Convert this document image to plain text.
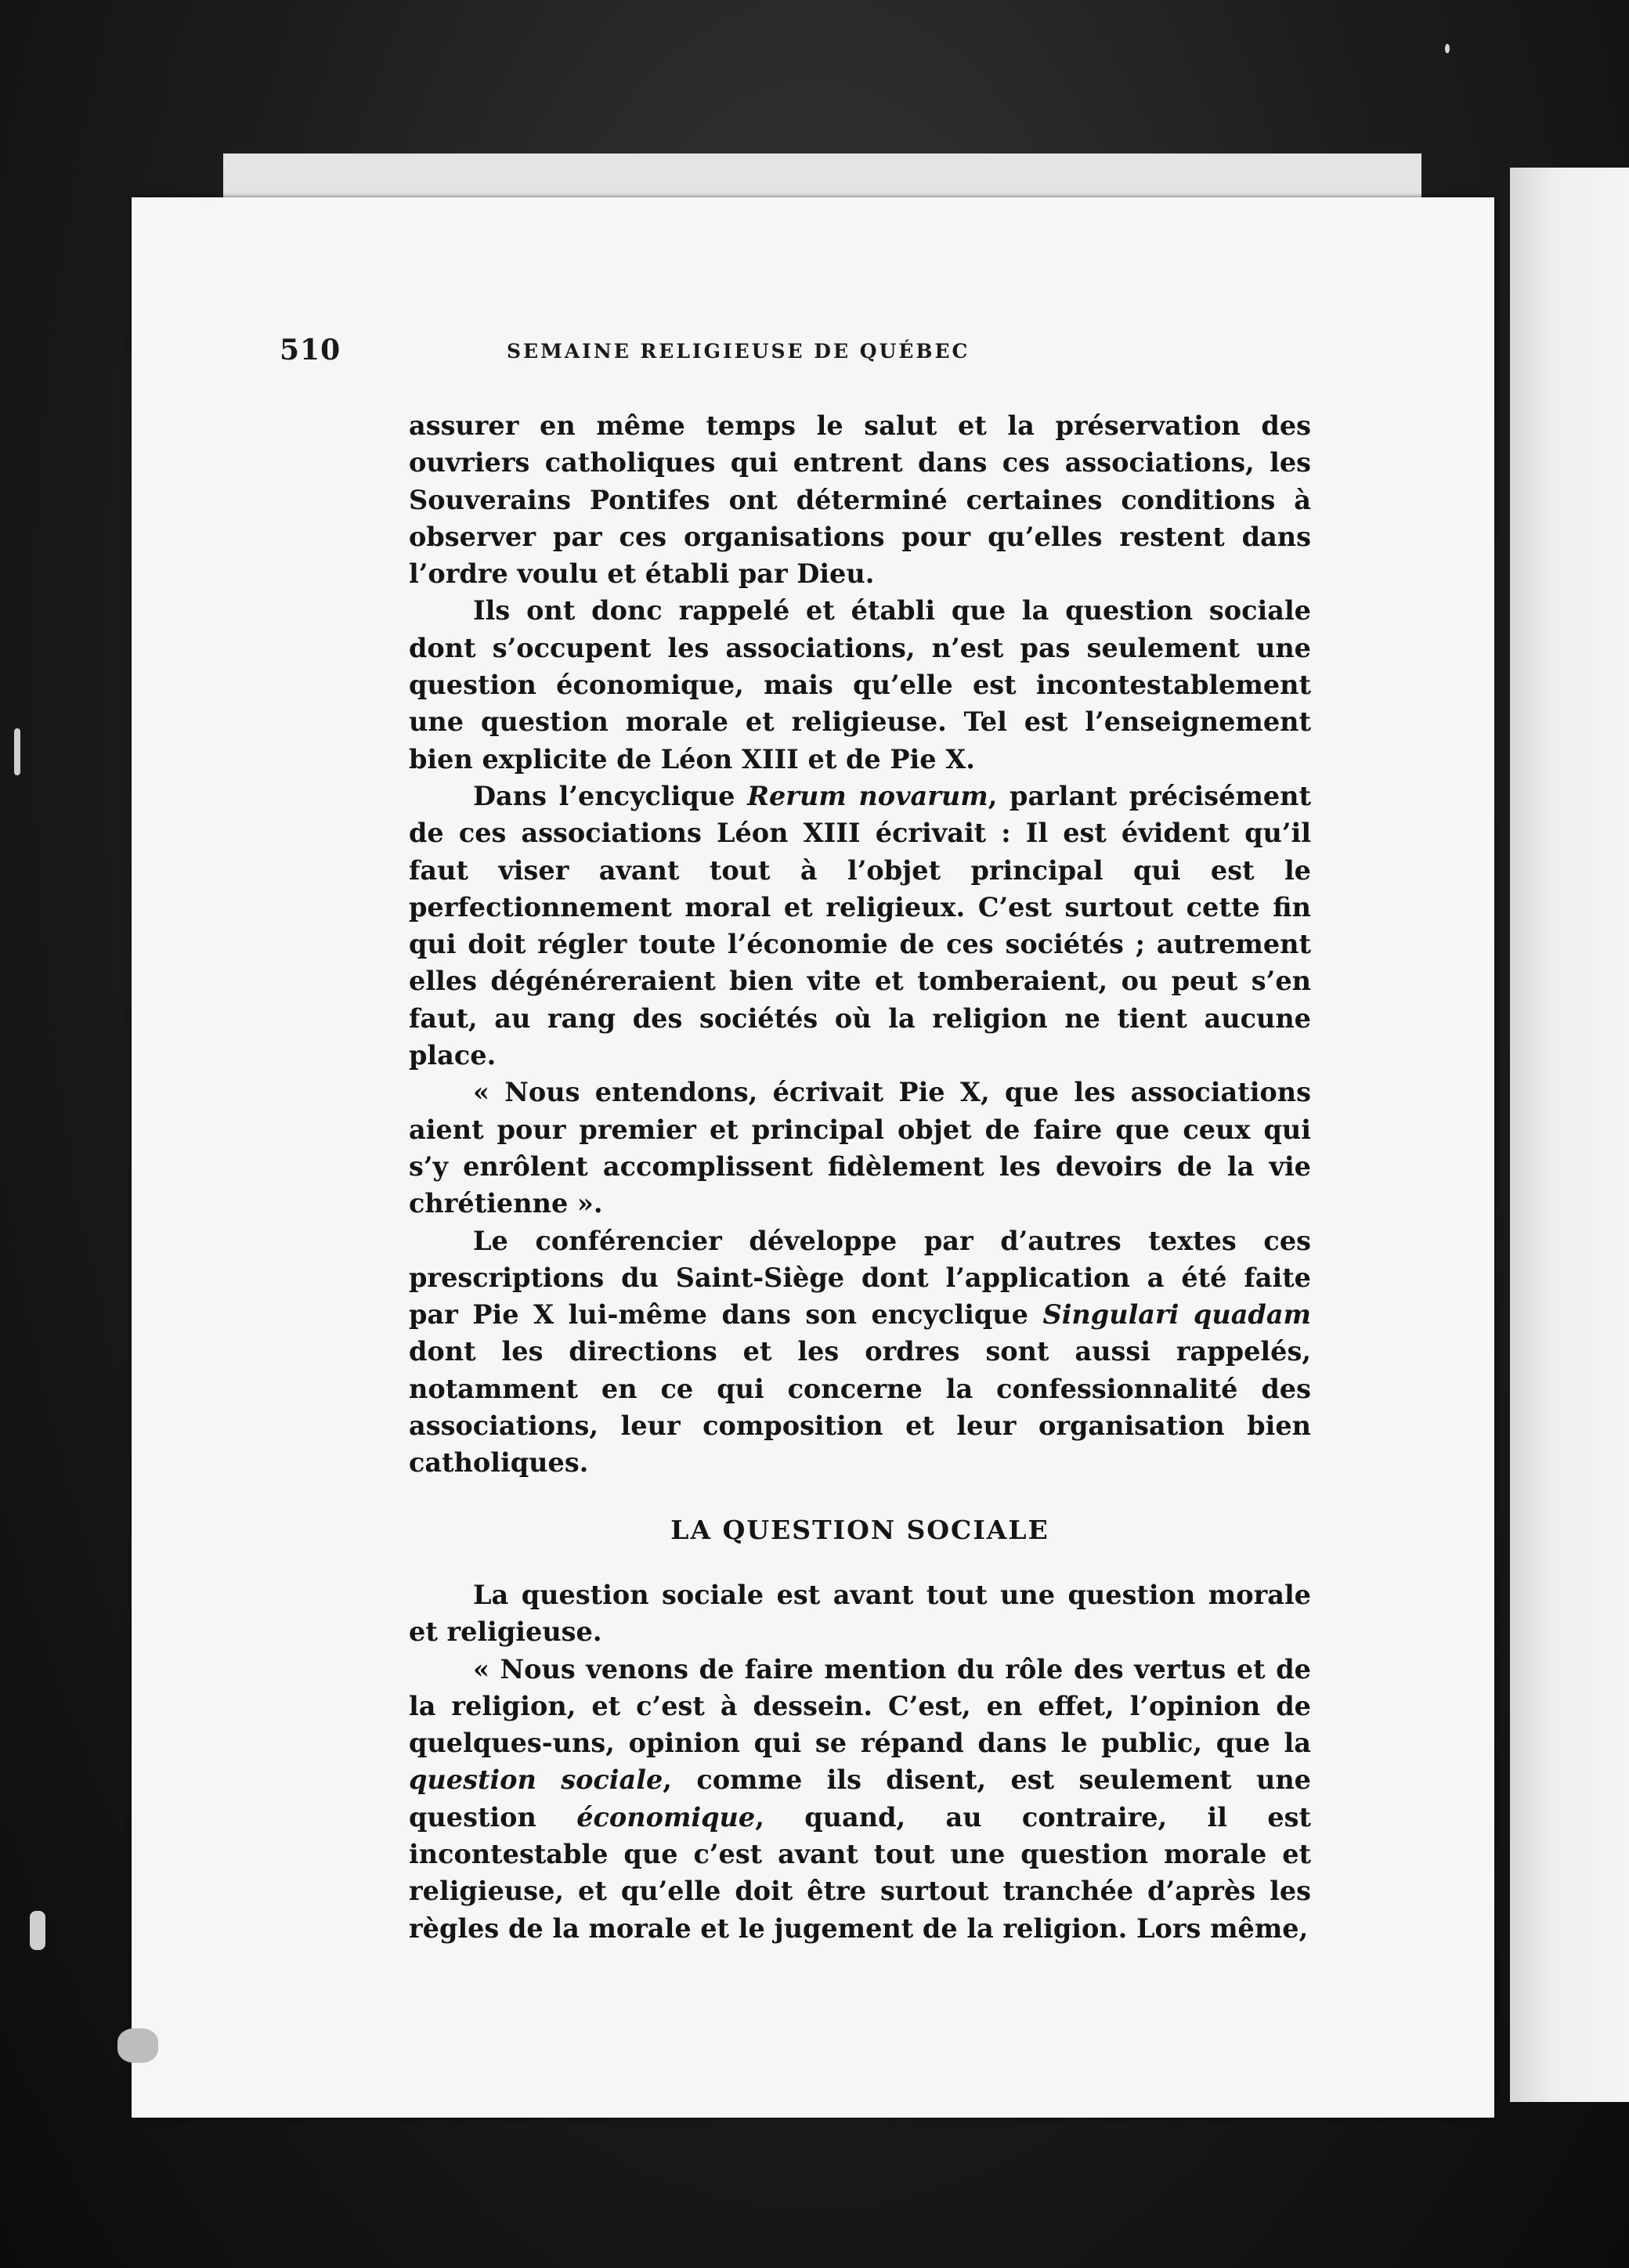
510	SEMAINE RELIGIEUSE DE QUÉBEC

assurer en même temps le salut et la préservation des ouvriers catholiques qui entrent dans ces associations, les Souverains Pontifes ont déterminé certaines conditions à observer par ces organisations pour qu’elles restent dans l’ordre voulu et établi par Dieu.

Ils ont donc rappelé et établi que la question sociale dont s’occupent les associations, n’est pas seulement une question économique, mais qu’elle est incontestablement une question morale et religieuse. Tel est l’enseignement bien explicite de Léon XIII et de Pie X.

Dans l’encyclique Rerum novarum, parlant précisément de ces associations Léon XIII écrivait : Il est évident qu’il faut viser avant tout à l’objet principal qui est le perfectionnement moral et religieux. C’est surtout cette fin qui doit régler toute l’économie de ces sociétés ; autrement elles dégénéreraient bien vite et tomberaient, ou peut s’en faut, au rang des sociétés où la religion ne tient aucune place.

« Nous entendons, écrivait Pie X, que les associations aient pour premier et principal objet de faire que ceux qui s’y enrôlent accomplissent fidèlement les devoirs de la vie chrétienne ».

Le conférencier développe par d’autres textes ces prescriptions du Saint-Siège dont l’application a été faite par Pie X lui-même dans son encyclique Singulari quadam dont les directions et les ordres sont aussi rappelés, notamment en ce qui concerne la confessionnalité des associations, leur composition et leur organisation bien catholiques.

LA QUESTION SOCIALE

La question sociale est avant tout une question morale et religieuse.

« Nous venons de faire mention du rôle des vertus et de la religion, et c’est à dessein. C’est, en effet, l’opinion de quelques-uns, opinion qui se répand dans le public, que la question sociale, comme ils disent, est seulement une question économique, quand, au contraire, il est incontestable que c’est avant tout une question morale et religieuse, et qu’elle doit être surtout tranchée d’après les règles de la morale et le jugement de la religion. Lors même,
